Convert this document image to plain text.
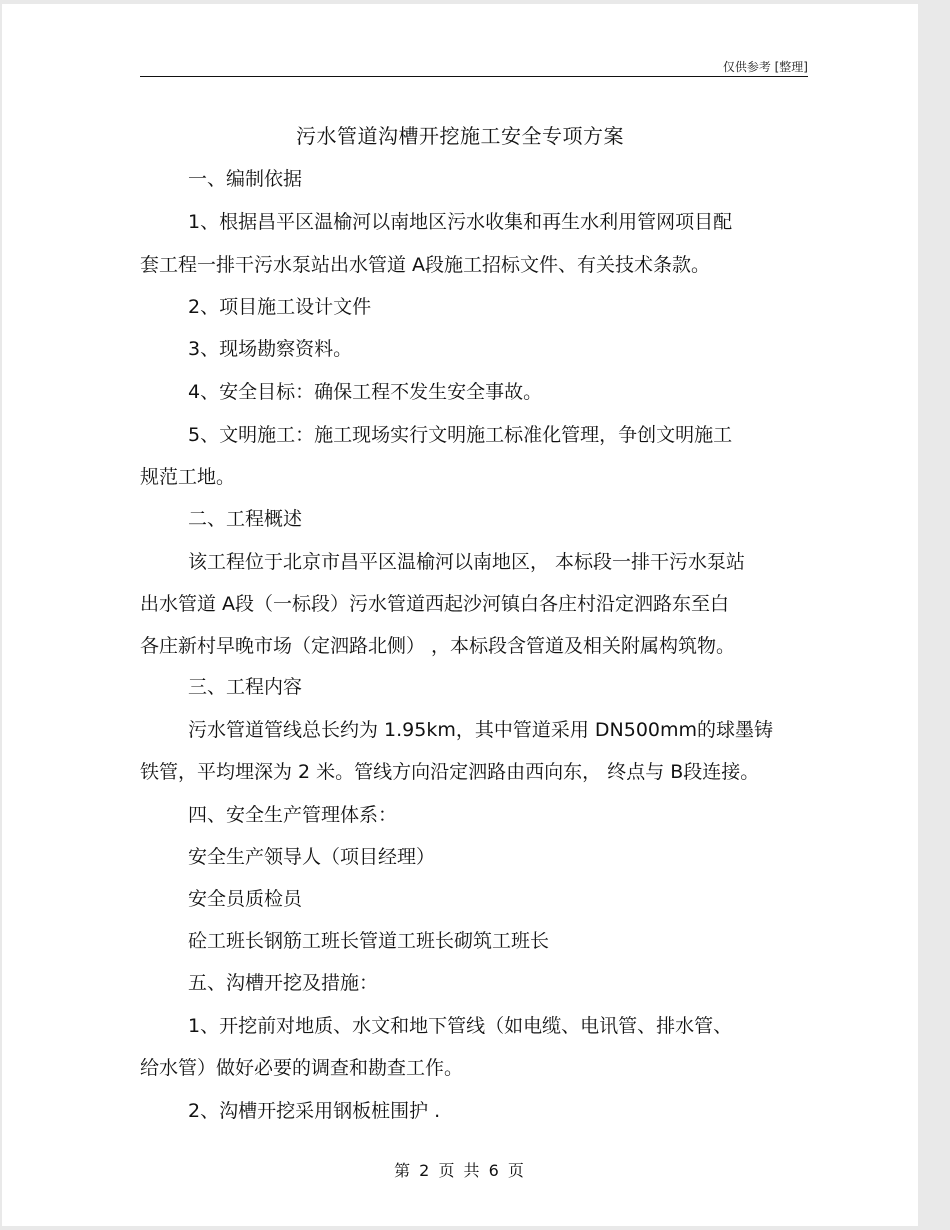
仅供参考 [整理]
污水管道沟槽开挖施工安全专项方案
一、编制依据
1、根据昌平区温榆河以南地区污水收集和再生水利用管网项目配
套工程一排干污水泵站出水管道 A段施工招标文件、有关技术条款。
2、项目施工设计文件
3、现场勘察资料。
4、安全目标：确保工程不发生安全事故。
5、文明施工：施工现场实行文明施工标准化管理，争创文明施工
规范工地。
二、工程概述
该工程位于北京市昌平区温榆河以南地区， 本标段一排干污水泵站
出水管道 A段（一标段）污水管道西起沙河镇白各庄村沿定泗路东至白
各庄新村早晚市场（定泗路北侧） ，本标段含管道及相关附属构筑物。
三、工程内容
污水管道管线总长约为 1.95km，其中管道采用 DN500mm的球墨铸
铁管，平均埋深为 2 米。管线方向沿定泗路由西向东， 终点与 B段连接。
四、安全生产管理体系：
安全生产领导人（项目经理）
安全员质检员
砼工班长钢筋工班长管道工班长砌筑工班长
五、沟槽开挖及措施：
1、开挖前对地质、水文和地下管线（如电缆、电讯管、排水管、
给水管）做好必要的调查和勘查工作。
2、沟槽开挖采用钢板桩围护 .
第 2 页 共 6 页
